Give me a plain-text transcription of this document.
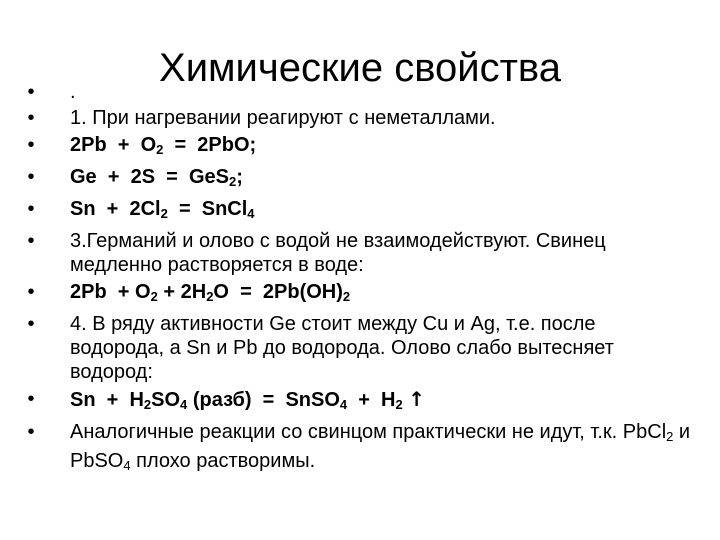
Химические свойства
• .
• 1. При нагревании реагируют с неметаллами.
• $2Pb + O_2 = 2PbO$;
• Ge  +  2S  =  GeS$_2$;
• $Sn + 2Cl_2$  =  SnCl$_4$
• 3.Германий и олово с водой не взаимодействуют. Свинец медленно растворяется в воде:
• $2Pb + O_2 + 2H_2O = 2Pb(OH)_2$
• 4. В ряду активности Ge стоит между Cu и Ag, т.е. после водорода, а Sn и Pb до водорода. Олово слабо вытесняет водород:
• $Sn + H_2SO_4$ (разб)  =  SnSO$_4$  +  $H_2$ ↑
• Аналогичные реакции со свинцом практически не идут, т.к. PbCl$_2$ и PbSO$_4$ плохо растворимы.
